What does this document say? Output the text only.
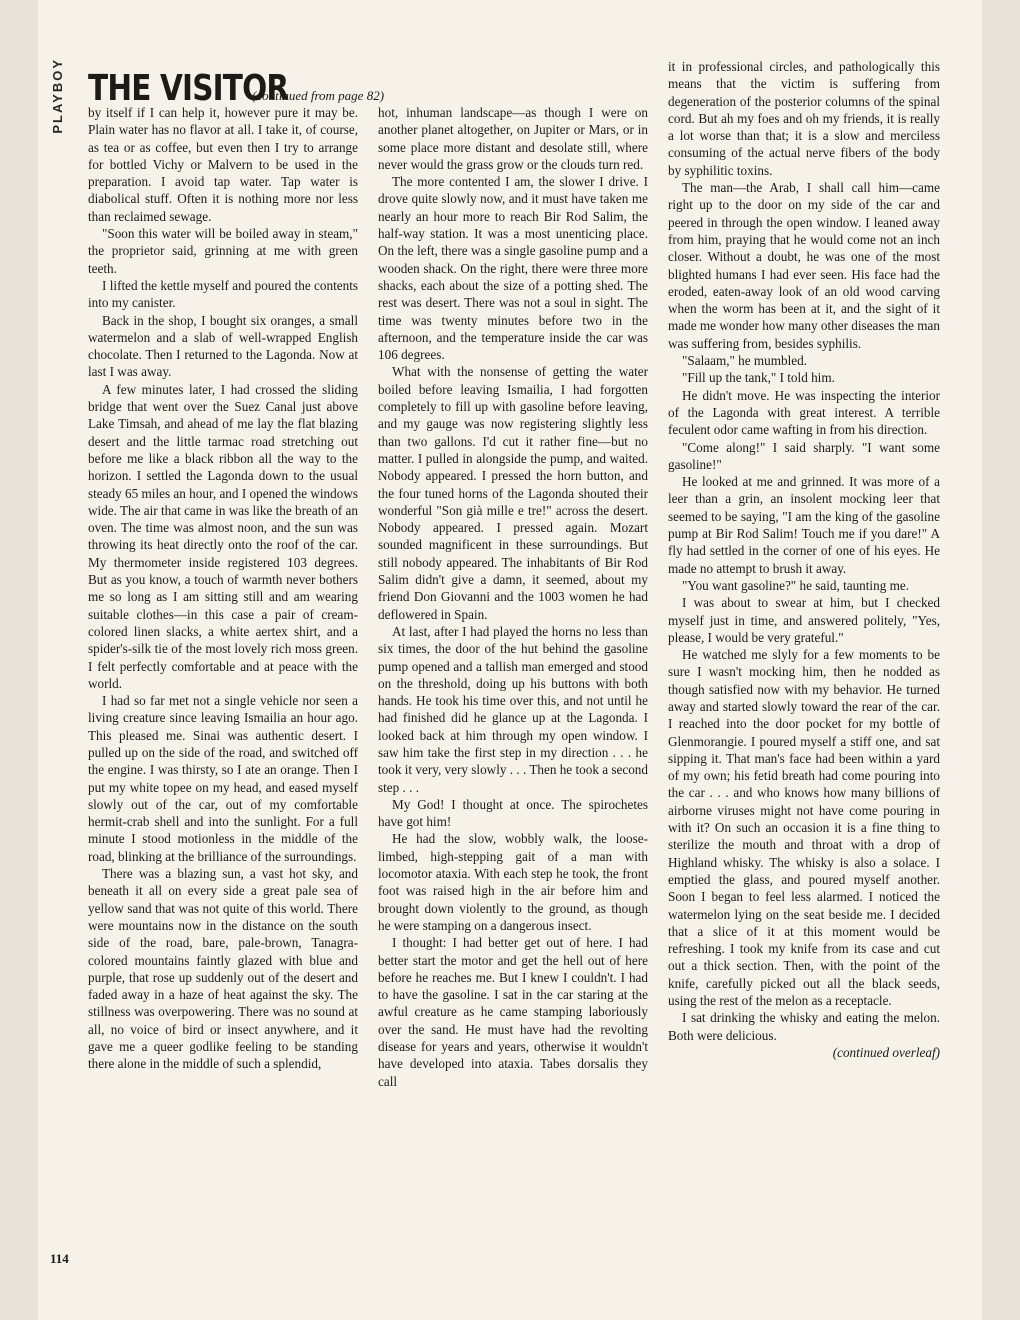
PLAYBOY THE VISITOR
(continued from page 82)

by itself if I can help it, however pure it may be. Plain water has no flavor at all. I take it, of course, as tea or as coffee, but even then I try to arrange for bottled Vichy or Malvern to be used in the preparation. I avoid tap water. Tap water is diabolical stuff. Often it is nothing more nor less than reclaimed sewage.

"Soon this water will be boiled away in steam," the proprietor said, grinning at me with green teeth.

I lifted the kettle myself and poured the contents into my canister.

Back in the shop, I bought six oranges, a small watermelon and a slab of well-wrapped English chocolate. Then I returned to the Lagonda. Now at last I was away.

A few minutes later, I had crossed the sliding bridge that went over the Suez Canal just above Lake Timsah, and ahead of me lay the flat blazing desert and the little tarmac road stretching out before me like a black ribbon all the way to the horizon. I settled the Lagonda down to the usual steady 65 miles an hour, and I opened the windows wide. The air that came in was like the breath of an oven. The time was almost noon, and the sun was throwing its heat directly onto the roof of the car. My thermometer inside registered 103 degrees. But as you know, a touch of warmth never bothers me so long as I am sitting still and am wearing suitable clothes—in this case a pair of cream-colored linen slacks, a white aertex shirt, and a spider's-silk tie of the most lovely rich moss green. I felt perfectly comfortable and at peace with the world.

I had so far met not a single vehicle nor seen a living creature since leaving Ismailia an hour ago. This pleased me. Sinai was authentic desert. I pulled up on the side of the road, and switched off the engine. I was thirsty, so I ate an orange. Then I put my white topee on my head, and eased myself slowly out of the car, out of my comfortable hermit-crab shell and into the sunlight. For a full minute I stood motionless in the middle of the road, blinking at the brilliance of the surroundings.

There was a blazing sun, a vast hot sky, and beneath it all on every side a great pale sea of yellow sand that was not quite of this world. There were mountains now in the distance on the south side of the road, bare, pale-brown, Tanagra-colored mountains faintly glazed with blue and purple, that rose up suddenly out of the desert and faded away in a haze of heat against the sky. The stillness was overpowering. There was no sound at all, no voice of bird or insect anywhere, and it gave me a queer godlike feeling to be standing there alone in the middle of such a splendid,

hot, inhuman landscape—as though I were on another planet altogether, on Jupiter or Mars, or in some place more distant and desolate still, where never would the grass grow or the clouds turn red.

The more contented I am, the slower I drive. I drove quite slowly now, and it must have taken me nearly an hour more to reach Bir Rod Salim, the half-way station. It was a most unenticing place. On the left, there was a single gasoline pump and a wooden shack. On the right, there were three more shacks, each about the size of a potting shed. The rest was desert. There was not a soul in sight. The time was twenty minutes before two in the afternoon, and the temperature inside the car was 106 degrees.

What with the nonsense of getting the water boiled before leaving Ismailia, I had forgotten completely to fill up with gasoline before leaving, and my gauge was now registering slightly less than two gallons. I'd cut it rather fine—but no matter. I pulled in alongside the pump, and waited. Nobody appeared. I pressed the horn button, and the four tuned horns of the Lagonda shouted their wonderful "Son già mille e tre!" across the desert. Nobody appeared. I pressed again. Mozart sounded magnificent in these surroundings. But still nobody appeared. The inhabitants of Bir Rod Salim didn't give a damn, it seemed, about my friend Don Giovanni and the 1003 women he had deflowered in Spain.

At last, after I had played the horns no less than six times, the door of the hut behind the gasoline pump opened and a tallish man emerged and stood on the threshold, doing up his buttons with both hands. He took his time over this, and not until he had finished did he glance up at the Lagonda. I looked back at him through my open window. I saw him take the first step in my direction . . . he took it very, very slowly . . . Then he took a second step . . .

My God! I thought at once. The spirochetes have got him!

He had the slow, wobbly walk, the loose-limbed, high-stepping gait of a man with locomotor ataxia. With each step he took, the front foot was raised high in the air before him and brought down violently to the ground, as though he were stamping on a dangerous insect.

I thought: I had better get out of here. I had better start the motor and get the hell out of here before he reaches me. But I knew I couldn't. I had to have the gasoline. I sat in the car staring at the awful creature as he came stamping laboriously over the sand. He must have had the revolting disease for years and years, otherwise it wouldn't have developed into ataxia. Tabes dorsalis they call

it in professional circles, and pathologically this means that the victim is suffering from degeneration of the posterior columns of the spinal cord. But ah my foes and oh my friends, it is really a lot worse than that; it is a slow and merciless consuming of the actual nerve fibers of the body by syphilitic toxins.

The man—the Arab, I shall call him—came right up to the door on my side of the car and peered in through the open window. I leaned away from him, praying that he would come not an inch closer. Without a doubt, he was one of the most blighted humans I had ever seen. His face had the eroded, eaten-away look of an old wood carving when the worm has been at it, and the sight of it made me wonder how many other diseases the man was suffering from, besides syphilis.

"Salaam," he mumbled.

"Fill up the tank," I told him.

He didn't move. He was inspecting the interior of the Lagonda with great interest. A terrible feculent odor came wafting in from his direction.

"Come along!" I said sharply. "I want some gasoline!"

He looked at me and grinned. It was more of a leer than a grin, an insolent mocking leer that seemed to be saying, "I am the king of the gasoline pump at Bir Rod Salim! Touch me if you dare!" A fly had settled in the corner of one of his eyes. He made no attempt to brush it away.

"You want gasoline?" he said, taunting me.

I was about to swear at him, but I checked myself just in time, and answered politely, "Yes, please, I would be very grateful."

He watched me slyly for a few moments to be sure I wasn't mocking him, then he nodded as though satisfied now with my behavior. He turned away and started slowly toward the rear of the car. I reached into the door pocket for my bottle of Glenmorangie. I poured myself a stiff one, and sat sipping it. That man's face had been within a yard of my own; his fetid breath had come pouring into the car . . . and who knows how many billions of airborne viruses might not have come pouring in with it? On such an occasion it is a fine thing to sterilize the mouth and throat with a drop of Highland whisky. The whisky is also a solace. I emptied the glass, and poured myself another. Soon I began to feel less alarmed. I noticed the watermelon lying on the seat beside me. I decided that a slice of it at this moment would be refreshing. I took my knife from its case and cut out a thick section. Then, with the point of the knife, carefully picked out all the black seeds, using the rest of the melon as a receptacle.

I sat drinking the whisky and eating the melon. Both were delicious.

(continued overleaf)

114
